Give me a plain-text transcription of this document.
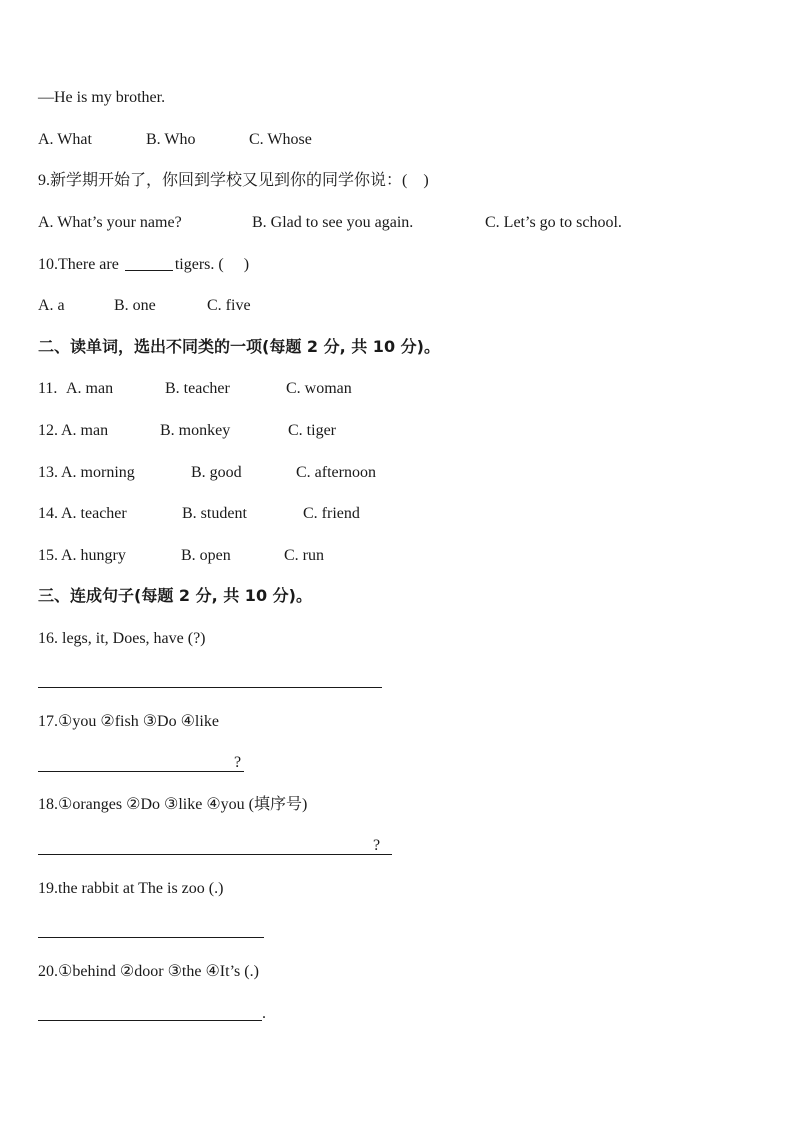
—He is my brother.
A. What	B. Who	C. Whose
9.新学期开始了，你回到学校又见到你的同学你说：(    )
A. What’s your name?	B. Glad to see you again.	C. Let’s go to school.
10.There are	tigers. (     )
A. a	B. one	C. five
二、读单词，选出不同类的一项(每题 2 分, 共 10 分)。
11. A. man	B. teacher	C. woman
12. A. man	B. monkey	C. tiger
13. A. morning	B. good	C. afternoon
14. A. teacher	B. student	C. friend
15. A. hungry	B. open	C. run
三、连成句子(每题 2 分, 共 10 分)。
16. legs, it, Does, have (?)
17.①you ②fish ③Do ④like
?
18.①oranges ②Do ③like ④you (填序号)
?
19.the rabbit at The is zoo (.)
20.①behind ②door ③the ④It’s (.)
.
